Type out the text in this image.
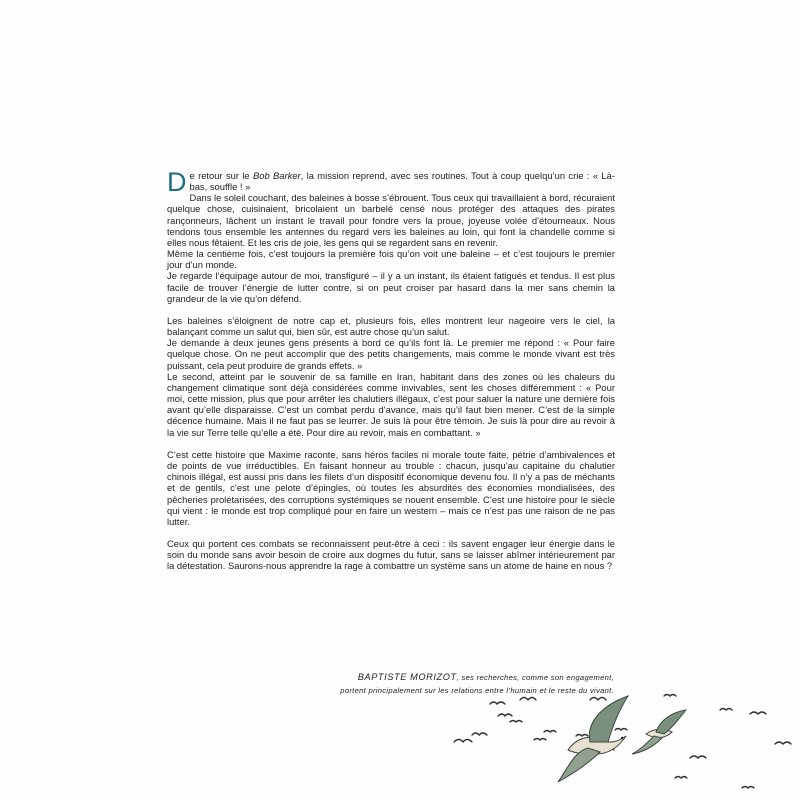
De retour sur le Bob Barker, la mission reprend, avec ses routines. Tout à coup quelqu’un crie : « Là-bas, souffle ! »

Dans le soleil couchant, des baleines à bosse s’ébrouent. Tous ceux qui travaillaient à bord, récuraient quelque chose, cuisinaient, bricolaient un barbelé censé nous protéger des attaques des pirates rançonneurs, lâchent un instant le travail pour fondre vers la proue, joyeuse volée d’étourneaux. Nous tendons tous ensemble les antennes du regard vers les baleines au loin, qui font la chandelle comme si elles nous fêtaient. Et les cris de joie, les gens qui se regardent sans en revenir.

Même la centième fois, c’est toujours la première fois qu’on voit une baleine – et c’est toujours le premier jour d’un monde.

Je regarde l’équipage autour de moi, transfiguré – il y a un instant, ils étaient fatigués et tendus. Il est plus facile de trouver l’énergie de lutter contre, si on peut croiser par hasard dans la mer sans chemin la grandeur de la vie qu’on défend.

Les baleines s’éloignent de notre cap et, plusieurs fois, elles montrent leur nageoire vers le ciel, la balançant comme un salut qui, bien sûr, est autre chose qu’un salut.

Je demande à deux jeunes gens présents à bord ce qu’ils font là. Le premier me répond : « Pour faire quelque chose. On ne peut accomplir que des petits changements, mais comme le monde vivant est très puissant, cela peut produire de grands effets. »

Le second, atteint par le souvenir de sa famille en Iran, habitant dans des zones où les chaleurs du changement climatique sont déjà considérées comme invivables, sent les choses différemment : « Pour moi, cette mission, plus que pour arrêter les chalutiers illégaux, c’est pour saluer la nature une dernière fois avant qu’elle disparaisse. C’est un combat perdu d’avance, mais qu’il faut bien mener. C’est de la simple décence humaine. Mais il ne faut pas se leurrer. Je suis là pour être témoin. Je suis là pour dire au revoir à la vie sur Terre telle qu’elle a été. Pour dire au revoir, mais en combattant. »

C’est cette histoire que Maxime raconte, sans héros faciles ni morale toute faite, pétrie d’ambivalences et de points de vue irréductibles. En faisant honneur au trouble : chacun, jusqu’au capitaine du chalutier chinois illégal, est aussi pris dans les filets d’un dispositif économique devenu fou. Il n’y a pas de méchants et de gentils, c’est une pelote d’épingles, où toutes les absurdités des économies mondialisées, des pêcheries prolétarisées, des corruptions systémiques se nouent ensemble. C’est une histoire pour le siècle qui vient : le monde est trop compliqué pour en faire un western – mais ce n’est pas une raison de ne pas lutter.

Ceux qui portent ces combats se reconnaissent peut-être à ceci : ils savent engager leur énergie dans le soin du monde sans avoir besoin de croire aux dogmes du futur, sans se laisser abîmer intérieurement par la détestation. Saurons-nous apprendre la rage à combattre un système sans un atome de haine en nous ?

BAPTISTE MORIZOT, ses recherches, comme son engagement,
portent principalement sur les relations entre l’humain et le reste du vivant.
